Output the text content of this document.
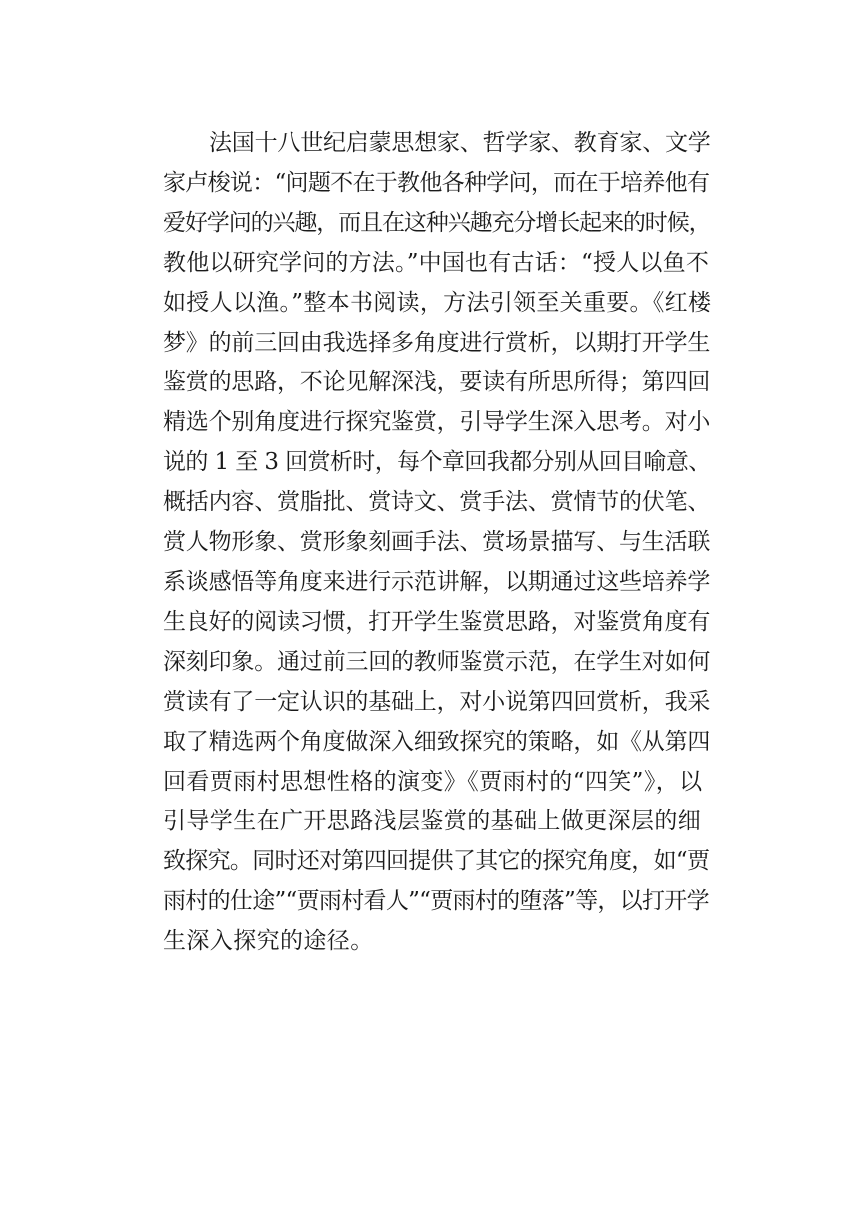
法国十八世纪启蒙思想家、哲学家、教育家、文学
家卢梭说：“问题不在于教他各种学问，而在于培养他有
爱好学问的兴趣，而且在这种兴趣充分增长起来的时候，
教他以研究学问的方法。”中国也有古话：“授人以鱼不
如授人以渔。”整本书阅读，方法引领至关重要。《红楼
梦》的前三回由我选择多角度进行赏析，以期打开学生
鉴赏的思路，不论见解深浅，要读有所思所得；第四回
精选个别角度进行探究鉴赏，引导学生深入思考。对小
说的 1 至 3 回赏析时，每个章回我都分别从回目喻意、
概括内容、赏脂批、赏诗文、赏手法、赏情节的伏笔、
赏人物形象、赏形象刻画手法、赏场景描写、与生活联
系谈感悟等角度来进行示范讲解，以期通过这些培养学
生良好的阅读习惯，打开学生鉴赏思路，对鉴赏角度有
深刻印象。通过前三回的教师鉴赏示范，在学生对如何
赏读有了一定认识的基础上，对小说第四回赏析，我采
取了精选两个角度做深入细致探究的策略，如《从第四
回看贾雨村思想性格的演变》《贾雨村的“四笑”》，以
引导学生在广开思路浅层鉴赏的基础上做更深层的细
致探究。同时还对第四回提供了其它的探究角度，如“贾
雨村的仕途”“贾雨村看人”“贾雨村的堕落”等，以打开学
生深入探究的途径。
